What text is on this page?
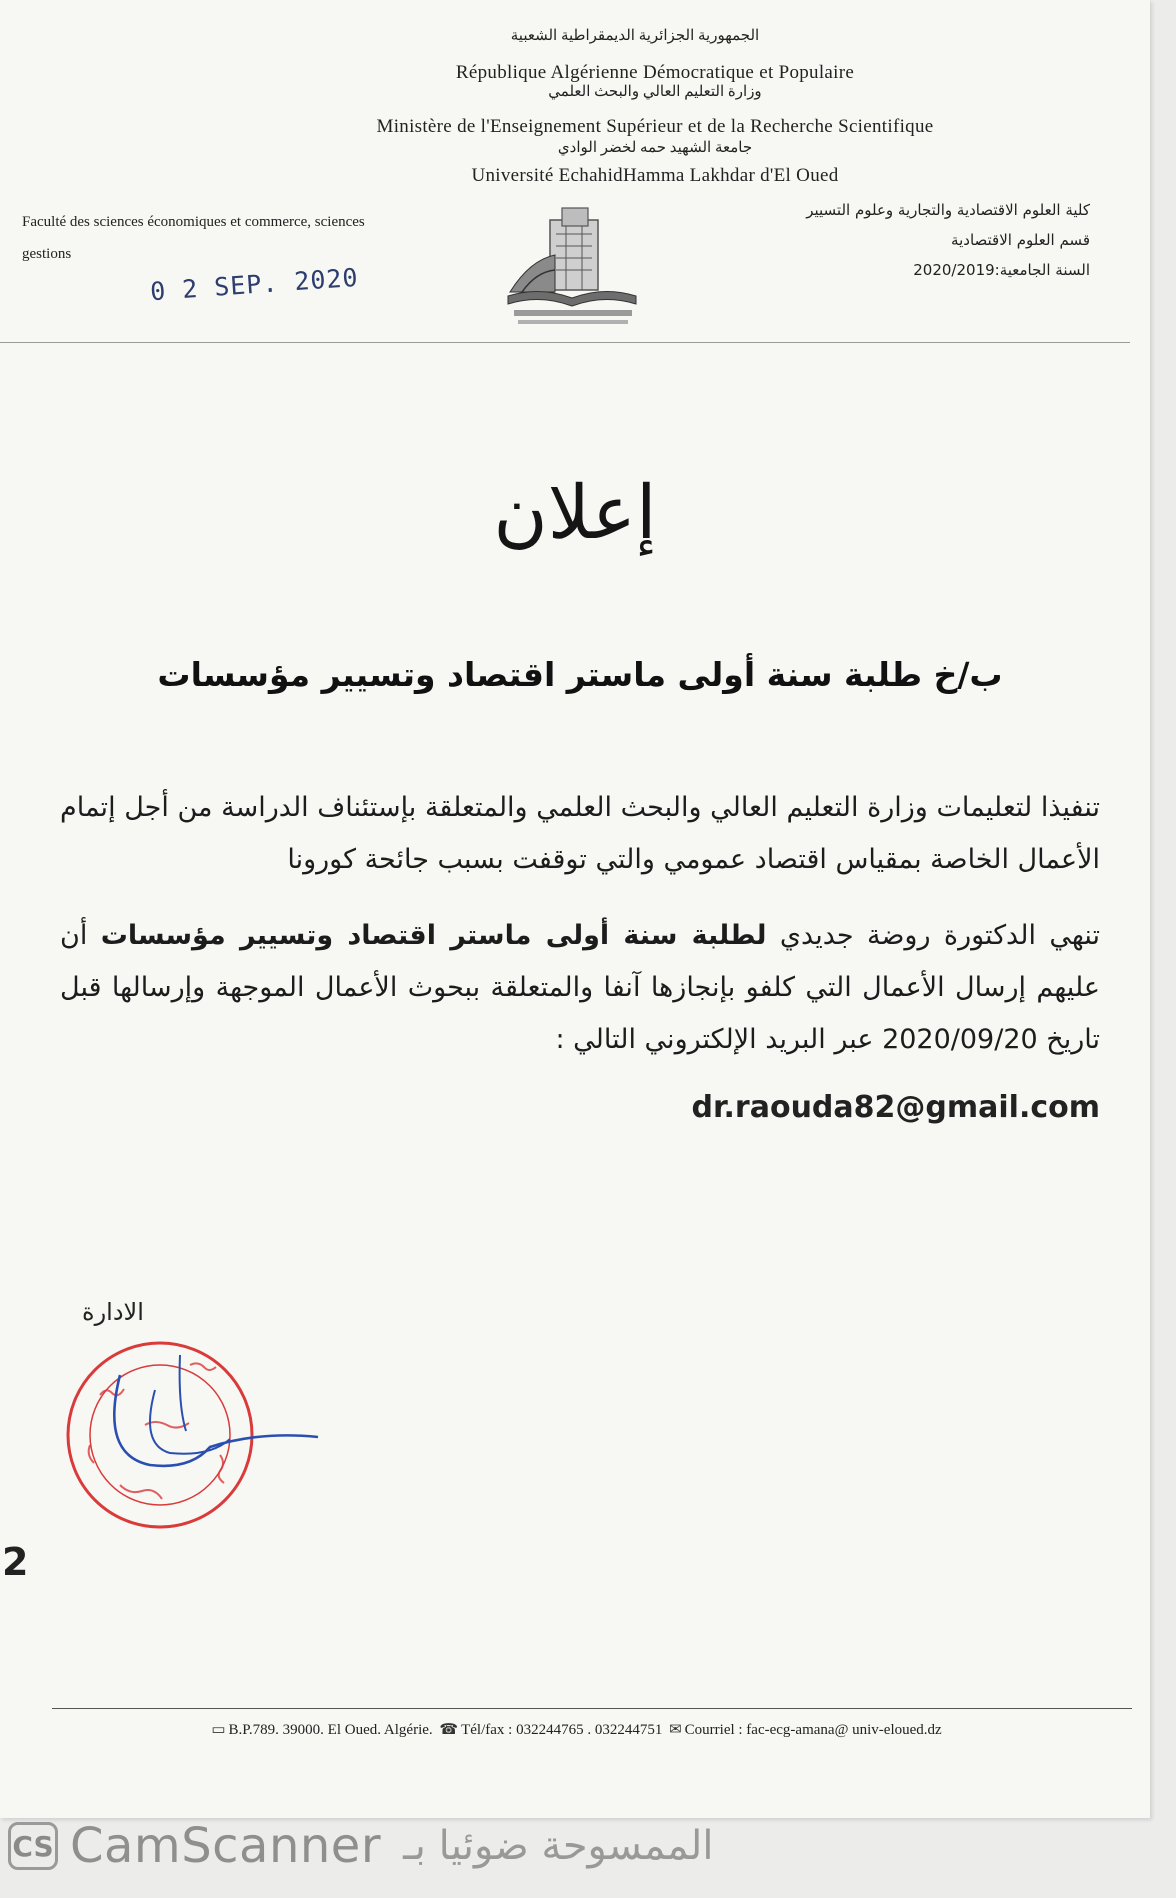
الجمهورية الجزائرية الديمقراطية الشعبية
République Algérienne Démocratique et Populaire
وزارة التعليم العالي والبحث العلمي
Ministère de l'Enseignement Supérieur et de la Recherche Scientifique
جامعة الشهيد حمه لخضر الوادي
Université EchahidHamma Lakhdar d'El Oued
Faculté des sciences économiques et commerce, sciences
gestions
0 2 SEP. 2020
كلية العلوم الاقتصادية والتجارية وعلوم التسيير
قسم العلوم الاقتصادية
السنة الجامعية:2020/2019
إعلان
ب/خ طلبة سنة أولى ماستر اقتصاد وتسيير مؤسسات
تنفيذا لتعليمات وزارة التعليم العالي والبحث العلمي والمتعلقة بإستئناف الدراسة من أجل إتمام الأعمال الخاصة بمقياس اقتصاد عمومي والتي توقفت بسبب جائحة كورونا
تنهي الدكتورة روضة جديدي لطلبة سنة أولى ماستر اقتصاد وتسيير مؤسسات أن عليهم إرسال الأعمال التي كلفو بإنجازها آنفا والمتعلقة ببحوث الأعمال الموجهة وإرسالها قبل تاريخ 2020/09/20 عبر البريد الإلكتروني التالي :
dr.raouda82@gmail.com
الادارة
2
▭ B.P.789. 39000. El Oued. Algérie. ☎ Tél/fax : 032244765 . 032244751 ✉ Courriel : fac-ecg-amana@ univ-eloued.dz
CS CamScanner الممسوحة ضوئيا بـ
